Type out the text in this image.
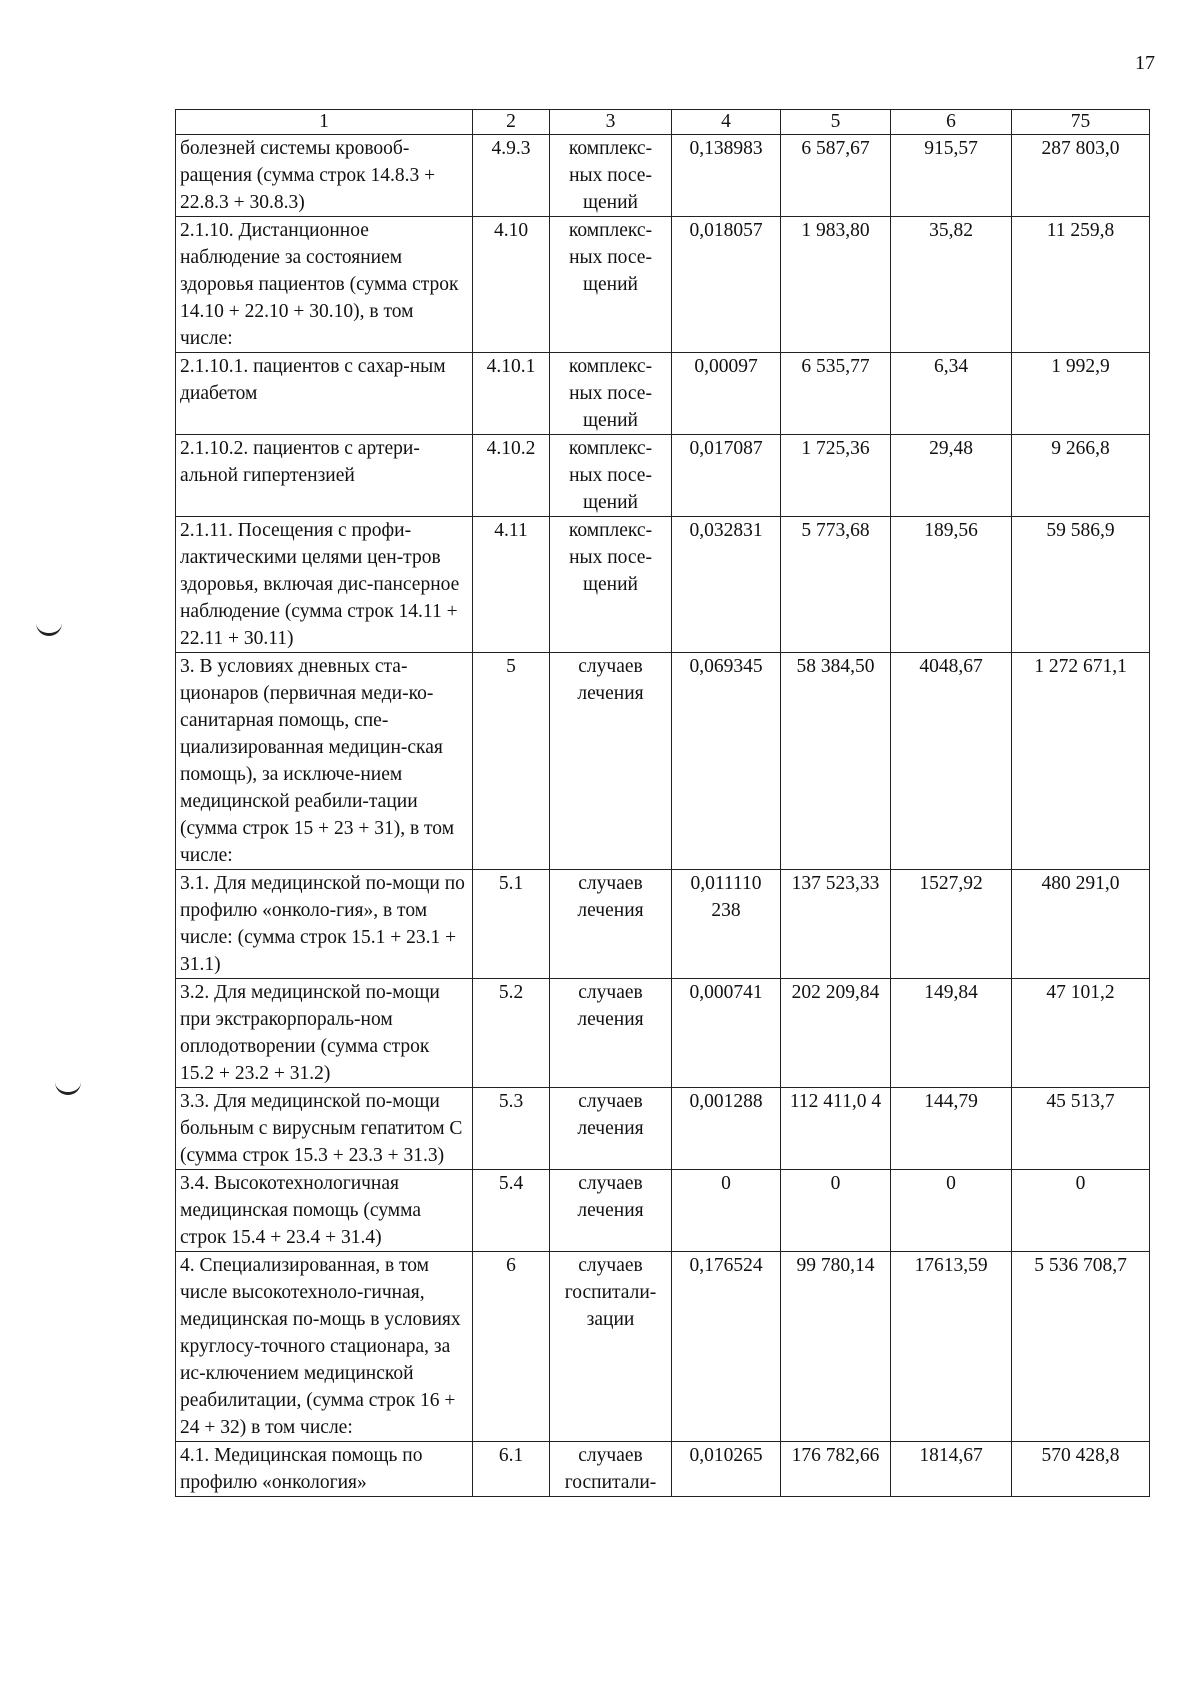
17
1	2	3	4	5	6	75
болезней системы кровооб-ращения (сумма строк 14.8.3 + 22.8.3 + 30.8.3)	4.9.3	комплекс-ных посе-щений	0,138983	6 587,67	915,57	287 803,0
2.1.10. Дистанционное наблюдение за состоянием здоровья пациентов (сумма строк 14.10 + 22.10 + 30.10), в том числе:	4.10	комплекс-ных посе-щений	0,018057	1 983,80	35,82	11 259,8
2.1.10.1. пациентов с сахар-ным диабетом	4.10.1	комплекс-ных посе-щений	0,00097	6 535,77	6,34	1 992,9
2.1.10.2. пациентов с артери-альной гипертензией	4.10.2	комплекс-ных посе-щений	0,017087	1 725,36	29,48	9 266,8
2.1.11. Посещения с профи-лактическими целями цен-тров здоровья, включая дис-пансерное наблюдение (сумма строк 14.11 + 22.11 + 30.11)	4.11	комплекс-ных посе-щений	0,032831	5 773,68	189,56	59 586,9
3. В условиях дневных ста-ционаров (первичная меди-ко-санитарная помощь, спе-циализированная медицин-ская помощь), за исключе-нием медицинской реабили-тации (сумма строк 15 + 23 + 31), в том числе:	5	случаев лечения	0,069345	58 384,50	4048,67	1 272 671,1
3.1. Для медицинской по-мощи по профилю «онколо-гия», в том числе: (сумма строк 15.1 + 23.1 + 31.1)	5.1	случаев лечения	0,011110 238	137 523,33	1527,92	480 291,0
3.2. Для медицинской по-мощи при экстракорпораль-ном оплодотворении (сумма строк 15.2 + 23.2 + 31.2)	5.2	случаев лечения	0,000741	202 209,84	149,84	47 101,2
3.3. Для медицинской по-мощи больным с вирусным гепатитом С (сумма строк 15.3 + 23.3 + 31.3)	5.3	случаев лечения	0,001288	112 411,0 4	144,79	45 513,7
3.4. Высокотехнологичная медицинская помощь (сумма строк 15.4 + 23.4 + 31.4)	5.4	случаев лечения	0	0	0	0
4. Специализированная, в том числе высокотехноло-гичная, медицинская по-мощь в условиях круглосу-точного стационара, за ис-ключением медицинской реабилитации, (сумма строк 16 + 24 + 32) в том числе:	6	случаев госпитали-зации	0,176524	99 780,14	17613,59	5 536 708,7
4.1. Медицинская помощь по профилю «онкология»	6.1	случаев госпитали-	0,010265	176 782,66	1814,67	570 428,8
